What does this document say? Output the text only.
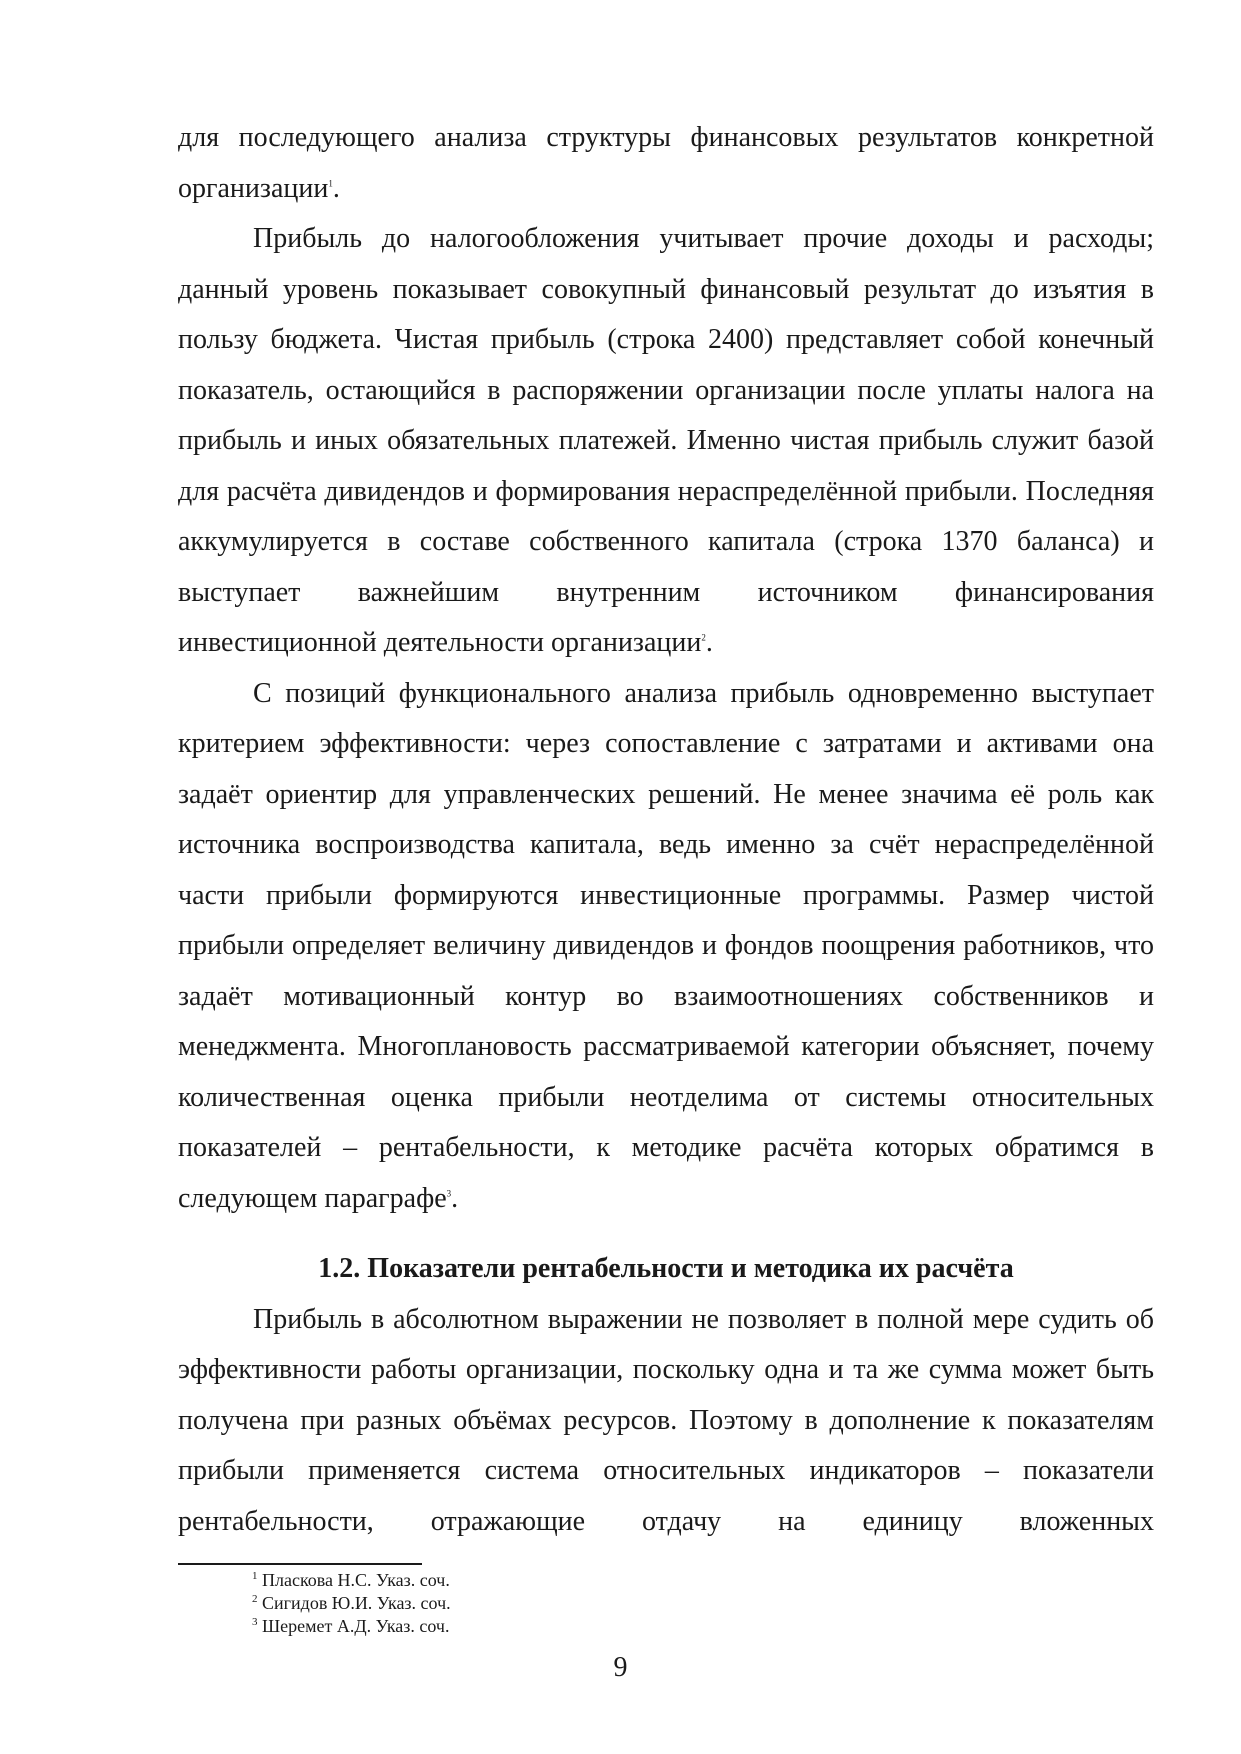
для последующего анализа структуры финансовых результатов конкретной организации$^1$.

Прибыль до налогообложения учитывает прочие доходы и расходы; данный уровень показывает совокупный финансовый результат до изъятия в пользу бюджета. Чистая прибыль (строка 2400) представляет собой конечный показатель, остающийся в распоряжении организации после уплаты налога на прибыль и иных обязательных платежей. Именно чистая прибыль служит базой для расчёта дивидендов и формирования нераспределённой прибыли. Последняя аккумулируется в составе собственного капитала (строка 1370 баланса) и выступает важнейшим внутренним источником финансирования инвестиционной деятельности организации$^2$.

С позиций функционального анализа прибыль одновременно выступает критерием эффективности: через сопоставление с затратами и активами она задаёт ориентир для управленческих решений. Не менее значима её роль как источника воспроизводства капитала, ведь именно за счёт нераспределённой части прибыли формируются инвестиционные программы. Размер чистой прибыли определяет величину дивидендов и фондов поощрения работников, что задаёт мотивационный контур во взаимоотношениях собственников и менеджмента. Многоплановость рассматриваемой категории объясняет, почему количественная оценка прибыли неотделима от системы относительных показателей – рентабельности, к методике расчёта которых обратимся в следующем параграфе$^3$.

1.2. Показатели рентабельности и методика их расчёта

Прибыль в абсолютном выражении не позволяет в полной мере судить об эффективности работы организации, поскольку одна и та же сумма может быть получена при разных объёмах ресурсов. Поэтому в дополнение к показателям прибыли применяется система относительных индикаторов – показатели рентабельности, отражающие отдачу на единицу вложенных

$^1$ Пласкова Н.С. Указ. соч.
$^2$ Сигидов Ю.И. Указ. соч.
$^3$ Шеремет А.Д. Указ. соч.
9
